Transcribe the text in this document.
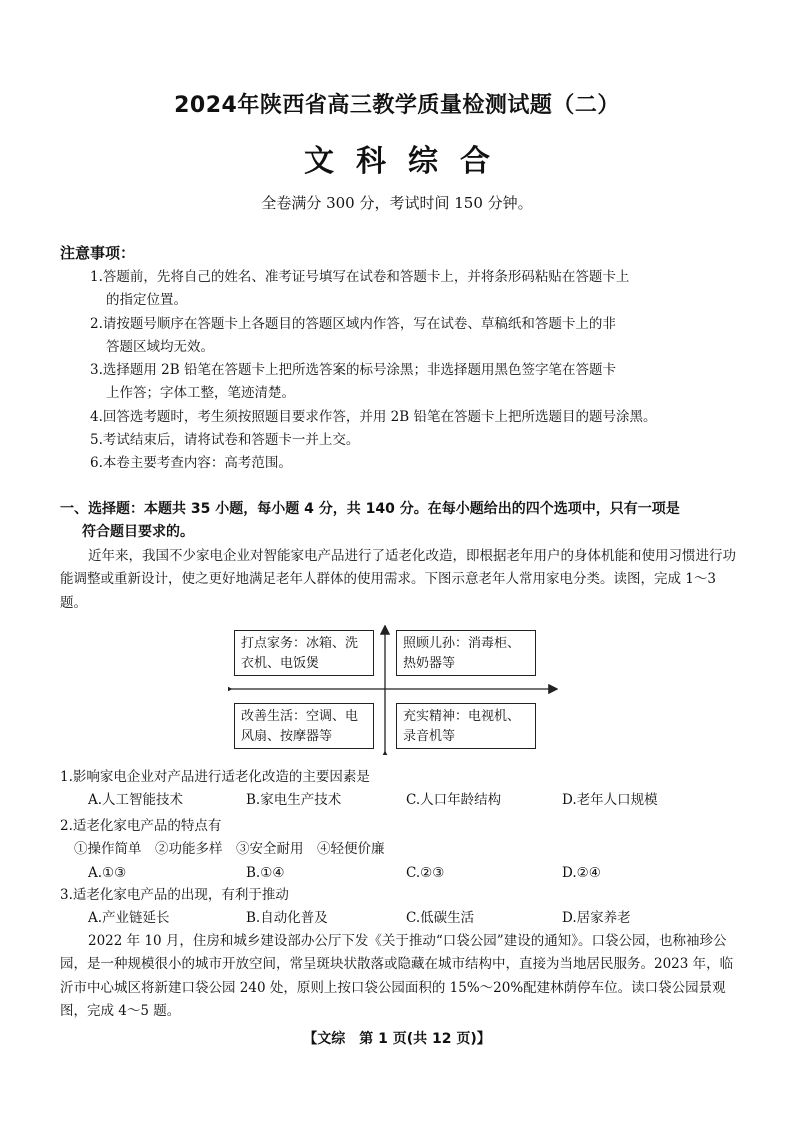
2024年陕西省高三教学质量检测试题（二）
文科综合
全卷满分 300 分，考试时间 150 分钟。
注意事项：

1.答题前，先将自己的姓名、准考证号填写在试卷和答题卡上，并将条形码粘贴在答题卡上

的指定位置。

2.请按题号顺序在答题卡上各题目的答题区域内作答，写在试卷、草稿纸和答题卡上的非

答题区域均无效。

3.选择题用 2B 铅笔在答题卡上把所选答案的标号涂黑；非选择题用黑色签字笔在答题卡

上作答；字体工整，笔迹清楚。

4.回答选考题时，考生须按照题目要求作答，并用 2B 铅笔在答题卡上把所选题目的题号涂黑。

5.考试结束后，请将试卷和答题卡一并上交。

6.本卷主要考查内容：高考范围。

一、选择题：本题共 35 小题，每小题 4 分，共 140 分。在每小题给出的四个选项中，只有一项是
符合题目要求的。
近年来，我国不少家电企业对智能家电产品进行了适老化改造，即根据老年用户的身体机能和使用习惯进行功能调整或重新设计，使之更好地满足老年人群体的使用需求。下图示意老年人常用家电分类。读图，完成 1～3 题。
打点家务：冰箱、洗衣机、电饭煲
照顾儿孙：消毒柜、热奶器等
改善生活：空调、电风扇、按摩器等
充实精神：电视机、录音机等
1.影响家电企业对产品进行适老化改造的主要因素是
A.人工智能技术	B.家电生产技术	C.人口年龄结构	D.老年人口规模
2.适老化家电产品的特点有
①操作简单　②功能多样　③安全耐用　④轻便价廉
A.①③	B.①④	C.②③	D.②④
3.适老化家电产品的出现，有利于推动
A.产业链延长	B.自动化普及	C.低碳生活	D.居家养老
2022 年 10 月，住房和城乡建设部办公厅下发《关于推动“口袋公园”建设的通知》。口袋公园，也称袖珍公园，是一种规模很小的城市开放空间，常呈斑块状散落或隐藏在城市结构中，直接为当地居民服务。2023 年，临沂市中心城区将新建口袋公园 240 处，原则上按口袋公园面积的 15%～20%配建林荫停车位。读口袋公园景观图，完成 4～5 题。
【文综　第 1 页(共 12 页)】
